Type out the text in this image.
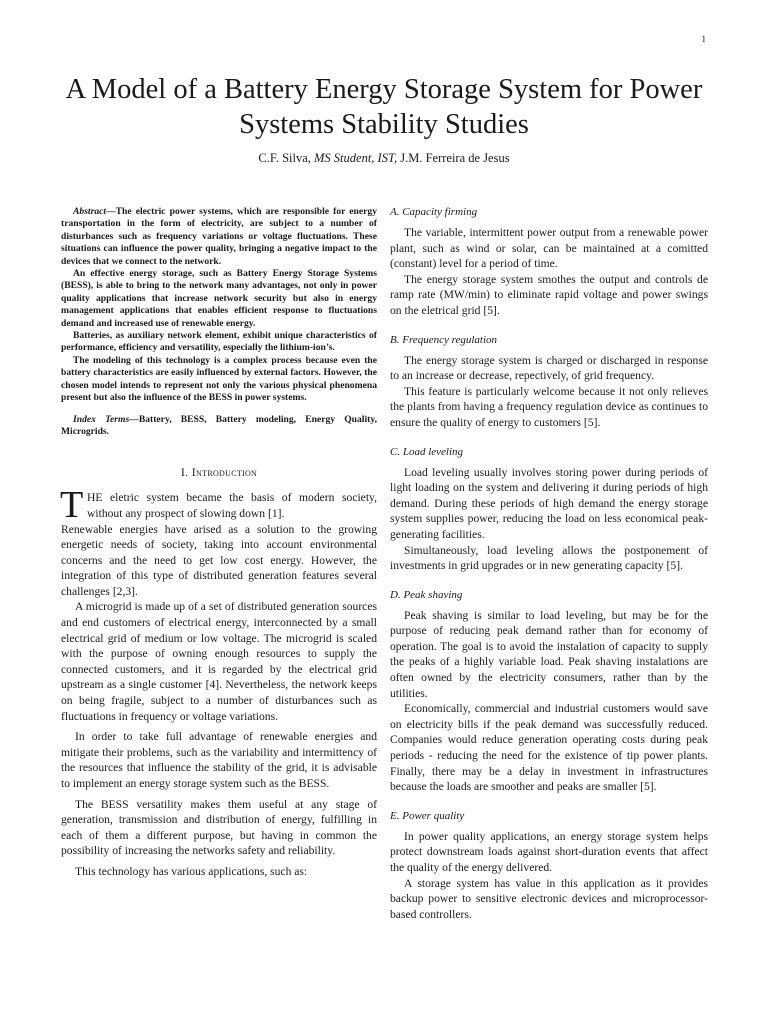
1
A Model of a Battery Energy Storage System for Power Systems Stability Studies
C.F. Silva, MS Student, IST, J.M. Ferreira de Jesus

Abstract—The electric power systems, which are responsible for energy transportation in the form of electricity, are subject to a number of disturbances such as frequency variations or voltage fluctuations. These situations can influence the power quality, bringing a negative impact to the devices that we connect to the network.

An effective energy storage, such as Battery Energy Storage Systems (BESS), is able to bring to the network many advantages, not only in power quality applications that increase network security but also in energy management applications that enables efficient response to fluctuations demand and increased use of renewable energy.

Batteries, as auxiliary network element, exhibit unique characteristics of performance, efficiency and versatility, especially the lithium-ion’s.

The modeling of this technology is a complex process because even the battery characteristics are easily influenced by external factors. However, the chosen model intends to represent not only the various physical phenomena present but also the influence of the BESS in power systems.

Index Terms—Battery, BESS, Battery modeling, Energy Quality, Microgrids.
I. Introduction

T HE eletric system became the basis of modern society, without any prospect of slowing down [1].

Renewable energies have arised as a solution to the growing energetic needs of society, taking into account environmental concerns and the need to get low cost energy. However, the integration of this type of distributed generation features several challenges [2,3].

A microgrid is made up of a set of distributed generation sources and end customers of electrical energy, interconnected by a small electrical grid of medium or low voltage. The microgrid is scaled with the purpose of owning enough resources to supply the connected customers, and it is regarded by the electrical grid upstream as a single customer [4]. Nevertheless, the network keeps on being fragile, subject to a number of disturbances such as fluctuations in frequency or voltage variations.

In order to take full advantage of renewable energies and mitigate their problems, such as the variability and intermittency of the resources that influence the stability of the grid, it is advisable to implement an energy storage system such as the BESS.

The BESS versatility makes them useful at any stage of generation, transmission and distribution of energy, fulfilling in each of them a different purpose, but having in common the possibility of increasing the networks safety and reliability.

This technology has various applications, such as:

A. Capacity firming

The variable, intermittent power output from a renewable power plant, such as wind or solar, can be maintained at a comitted (constant) level for a period of time.

The energy storage system smothes the output and controls de ramp rate (MW/min) to eliminate rapid voltage and power swings on the eletrical grid [5].

B. Frequency regulation

The energy storage system is charged or discharged in response to an increase or decrease, repectively, of grid frequency.

This feature is particularly welcome because it not only relieves the plants from having a frequency regulation device as continues to ensure the quality of energy to customers [5].

C. Load leveling

Load leveling usually involves storing power during periods of light loading on the system and delivering it during periods of high demand. During these periods of high demand the energy storage system supplies power, reducing the load on less economical peak-generating facilities.

Simultaneously, load leveling allows the postponement of investments in grid upgrades or in new generating capacity [5].

D. Peak shaving

Peak shaving is similar to load leveling, but may be for the purpose of reducing peak demand rather than for economy of operation. The goal is to avoid the instalation of capacity to supply the peaks of a highly variable load. Peak shaving instalations are often owned by the electricity consumers, rather than by the utilities.

Economically, commercial and industrial customers would save on electricity bills if the peak demand was successfully reduced. Companies would reduce generation operating costs during peak periods - reducing the need for the existence of tip power plants. Finally, there may be a delay in investment in infrastructures because the loads are smoother and peaks are smaller [5].

E. Power quality

In power quality applications, an energy storage system helps protect downstream loads against short-duration events that affect the quality of the energy delivered.

A storage system has value in this application as it provides backup power to sensitive electronic devices and microprocessor-based controllers.
